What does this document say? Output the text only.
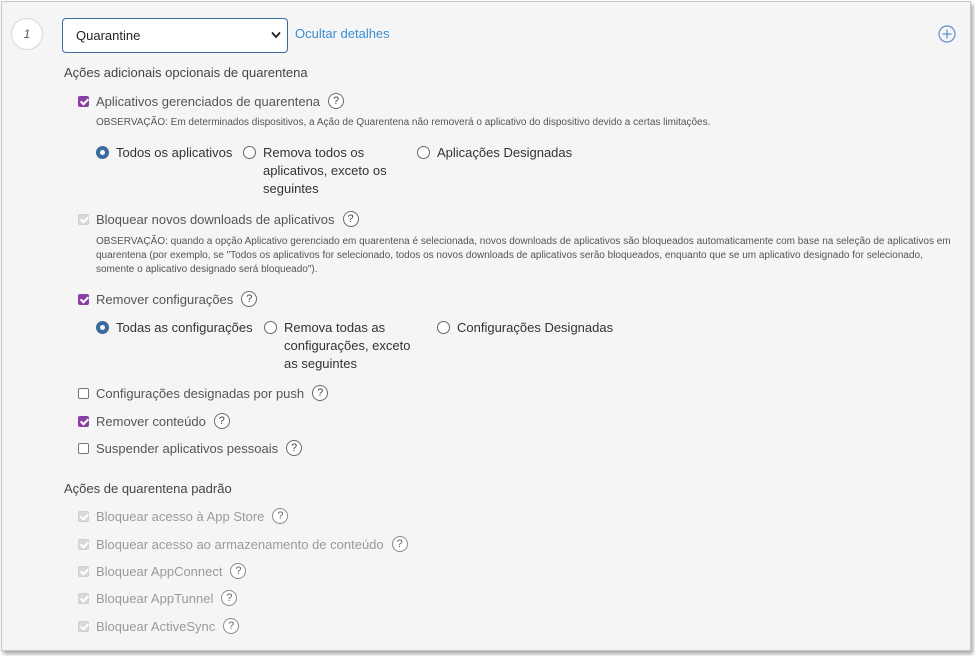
1	Quarantine	Ocultar detalhes
Ações adicionais opcionais de quarentena
Aplicativos gerenciados de quarentena	?
OBSERVAÇÃO: Em determinados dispositivos, a Ação de Quarentena não removerá o aplicativo do dispositivo devido a certas limitações.
Todos os aplicativos Remova todos os aplicativos, exceto os seguintes
Aplicações Designadas
Bloquear novos downloads de aplicativos	?
OBSERVAÇÃO: quando a opção Aplicativo gerenciado em quarentena é selecionada, novos downloads de aplicativos são bloqueados automaticamente com base na seleção de aplicativos em quarentena (por exemplo, se "Todos os aplicativos for selecionado, todos os novos downloads de aplicativos serão bloqueados, enquanto que se um aplicativo designado for selecionado, somente o aplicativo designado será bloqueado").
Remover configurações	?
Todas as configurações Remova todas as configurações, exceto as seguintes
Configurações Designadas
Configurações designadas por push	?
Remover conteúdo	?
Suspender aplicativos pessoais	?
Ações de quarentena padrão
Bloquear acesso à App Store	?
Bloquear acesso ao armazenamento de conteúdo	?
Bloquear AppConnect	?
Bloquear AppTunnel	?
Bloquear ActiveSync	?
